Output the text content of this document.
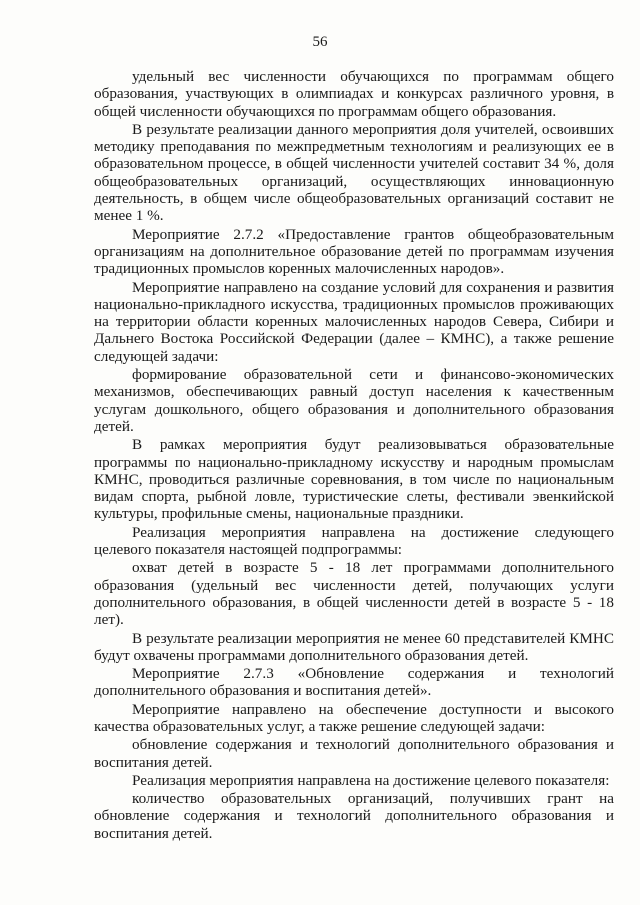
56

удельный вес численности обучающихся по программам общего образования, участвующих в олимпиадах и конкурсах различного уровня, в общей численности обучающихся по программам общего образования.

В результате реализации данного мероприятия доля учителей, освоивших методику преподавания по межпредметным технологиям и реализующих ее в образовательном процессе, в общей численности учителей составит 34 %, доля общеобразовательных организаций, осуществляющих инновационную деятельность, в общем числе общеобразовательных организаций составит не менее 1 %.

Мероприятие 2.7.2 «Предоставление грантов общеобразовательным организациям на дополнительное образование детей по программам изучения традиционных промыслов коренных малочисленных народов».

Мероприятие направлено на создание условий для сохранения и развития национально-прикладного искусства, традиционных промыслов проживающих на территории области коренных малочисленных народов Севера, Сибири и Дальнего Востока Российской Федерации (далее – КМНС), а также решение следующей задачи:

формирование образовательной сети и финансово-экономических механизмов, обеспечивающих равный доступ населения к качественным услугам дошкольного, общего образования и дополнительного образования детей.

В рамках мероприятия будут реализовываться образовательные программы по национально-прикладному искусству и народным промыслам КМНС, проводиться различные соревнования, в том числе по национальным видам спорта, рыбной ловле, туристические слеты, фестивали эвенкийской культуры, профильные смены, национальные праздники.

Реализация мероприятия направлена на достижение следующего целевого показателя настоящей подпрограммы:

охват детей в возрасте 5 - 18 лет программами дополнительного образования (удельный вес численности детей, получающих услуги дополнительного образования, в общей численности детей в возрасте 5 - 18 лет).

В результате реализации мероприятия не менее 60 представителей КМНС будут охвачены программами дополнительного образования детей.

Мероприятие 2.7.3 «Обновление содержания и технологий дополнительного образования и воспитания детей».

Мероприятие направлено на обеспечение доступности и высокого качества образовательных услуг, а также решение следующей задачи:

обновление содержания и технологий дополнительного образования и воспитания детей.

Реализация мероприятия направлена на достижение целевого показателя:

количество образовательных организаций, получивших грант на обновление содержания и технологий дополнительного образования и воспитания детей.
